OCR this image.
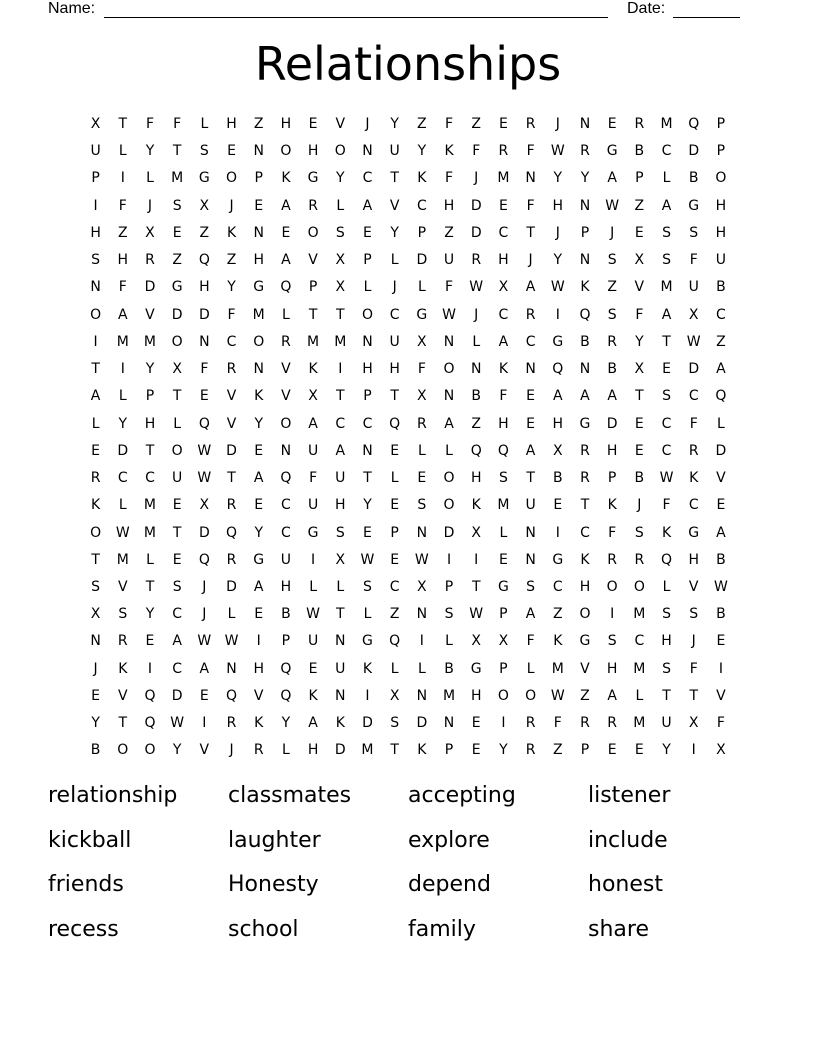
Name:	Date:
Relationships
X	T	F	F	L	H	Z	H	E	V	J	Y	Z	F	Z	E	R	J	N	E	R	M	Q	P
U	L	Y	T	S	E	N	O	H	O	N	U	Y	K	F	R	F	W	R	G	B	C	D	P
P	I	L	M	G	O	P	K	G	Y	C	T	K	F	J	M	N	Y	Y	A	P	L	B	O
I	F	J	S	X	J	E	A	R	L	A	V	C	H	D	E	F	H	N	W	Z	A	G	H
H	Z	X	E	Z	K	N	E	O	S	E	Y	P	Z	D	C	T	J	P	J	E	S	S	H
S	H	R	Z	Q	Z	H	A	V	X	P	L	D	U	R	H	J	Y	N	S	X	S	F	U
N	F	D	G	H	Y	G	Q	P	X	L	J	L	F	W	X	A	W	K	Z	V	M	U	B
O	A	V	D	D	F	M	L	T	T	O	C	G	W	J	C	R	I	Q	S	F	A	X	C
I	M	M	O	N	C	O	R	M	M	N	U	X	N	L	A	C	G	B	R	Y	T	W	Z
T	I	Y	X	F	R	N	V	K	I	H	H	F	O	N	K	N	Q	N	B	X	E	D	A
A	L	P	T	E	V	K	V	X	T	P	T	X	N	B	F	E	A	A	A	T	S	C	Q
L	Y	H	L	Q	V	Y	O	A	C	C	Q	R	A	Z	H	E	H	G	D	E	C	F	L
E	D	T	O	W	D	E	N	U	A	N	E	L	L	Q	Q	A	X	R	H	E	C	R	D
R	C	C	U	W	T	A	Q	F	U	T	L	E	O	H	S	T	B	R	P	B	W	K	V
K	L	M	E	X	R	E	C	U	H	Y	E	S	O	K	M	U	E	T	K	J	F	C	E
O	W	M	T	D	Q	Y	C	G	S	E	P	N	D	X	L	N	I	C	F	S	K	G	A
T	M	L	E	Q	R	G	U	I	X	W	E	W	I	I	E	N	G	K	R	R	Q	H	B
S	V	T	S	J	D	A	H	L	L	S	C	X	P	T	G	S	C	H	O	O	L	V	W
X	S	Y	C	J	L	E	B	W	T	L	Z	N	S	W	P	A	Z	O	I	M	S	S	B
N	R	E	A	W W	I	P	U	N	G	Q	I	L	X	X	F	K	G	S	C	H	J	E
J	K	I	C	A	N	H	Q	E	U	K	L	L	B	G	P	L	M	V	H	M	S	F	I
E	V	Q	D	E	Q	V	Q	K	N	I	X	N	M	H	O	O	W	Z	A	L	T	T	V
Y	T	Q	W	I	R	K	Y	A	K	D	S	D	N	E	I	R	F	R	R	M	U	X	F
B	O	O	Y	V	J	R	L	H	D	M	T	K	P	E	Y	R	Z	P	E	E	Y	I	X
relationship	classmates	accepting	listener
kickball	laughter	explore	include
friends	Honesty	depend	honest
recess	school	family	share
